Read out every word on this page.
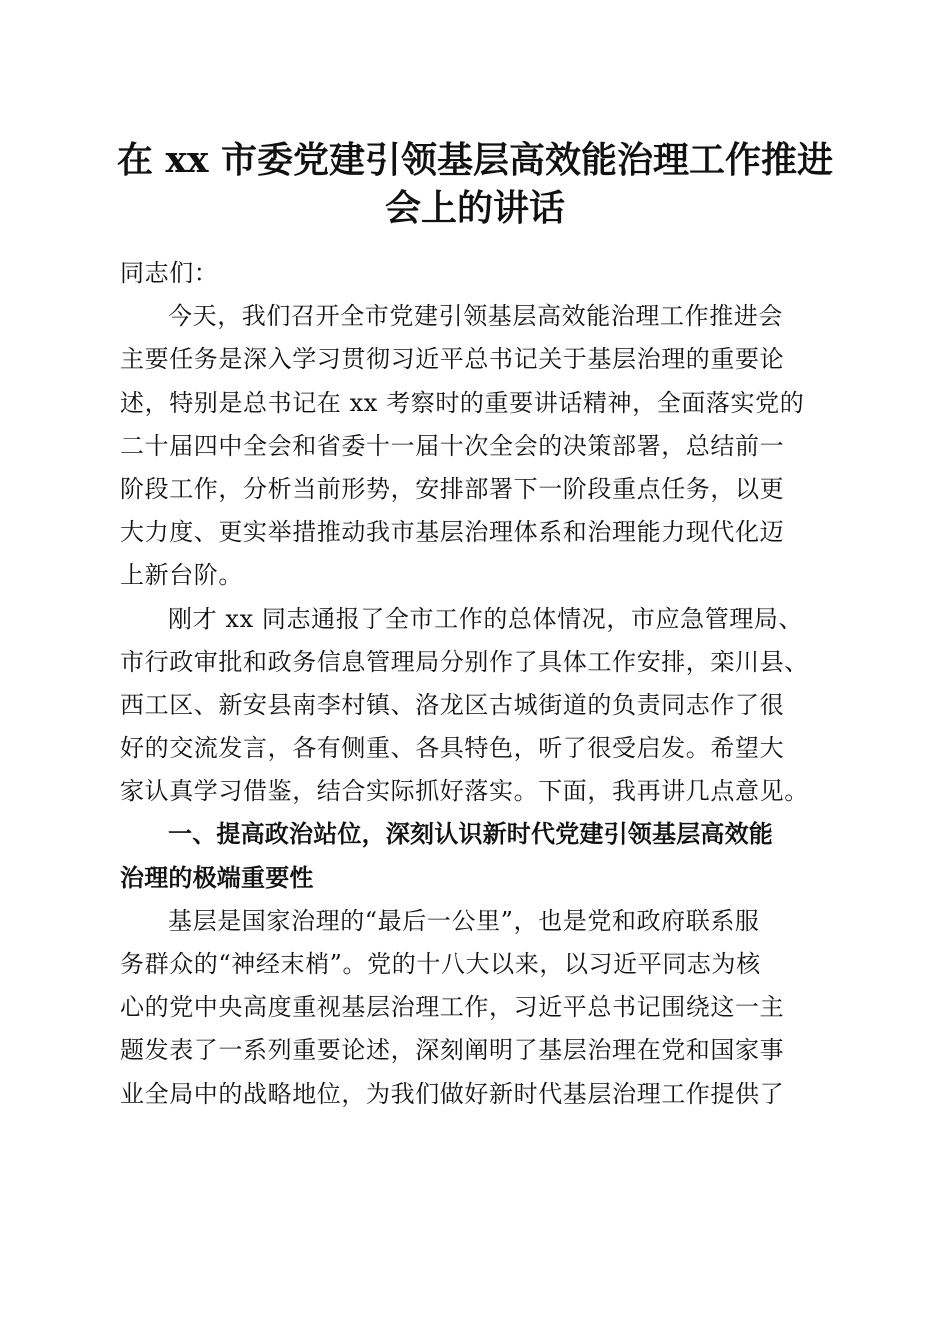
在 xx 市委党建引领基层高效能治理工作推进
会上的讲话
同志们：
今天，我们召开全市党建引领基层高效能治理工作推进会
主要任务是深入学习贯彻习近平总书记关于基层治理的重要论
述，特别是总书记在 xx 考察时的重要讲话精神，全面落实党的
二十届四中全会和省委十一届十次全会的决策部署，总结前一
阶段工作，分析当前形势，安排部署下一阶段重点任务，以更
大力度、更实举措推动我市基层治理体系和治理能力现代化迈
上新台阶。
刚才 xx 同志通报了全市工作的总体情况，市应急管理局、
市行政审批和政务信息管理局分别作了具体工作安排，栾川县、
西工区、新安县南李村镇、洛龙区古城街道的负责同志作了很
好的交流发言，各有侧重、各具特色，听了很受启发。希望大
家认真学习借鉴，结合实际抓好落实。下面，我再讲几点意见。
一、提高政治站位，深刻认识新时代党建引领基层高效能
治理的极端重要性
基层是国家治理的“最后一公里”，也是党和政府联系服
务群众的“神经末梢”。党的十八大以来，以习近平同志为核
心的党中央高度重视基层治理工作，习近平总书记围绕这一主
题发表了一系列重要论述，深刻阐明了基层治理在党和国家事
业全局中的战略地位，为我们做好新时代基层治理工作提供了
